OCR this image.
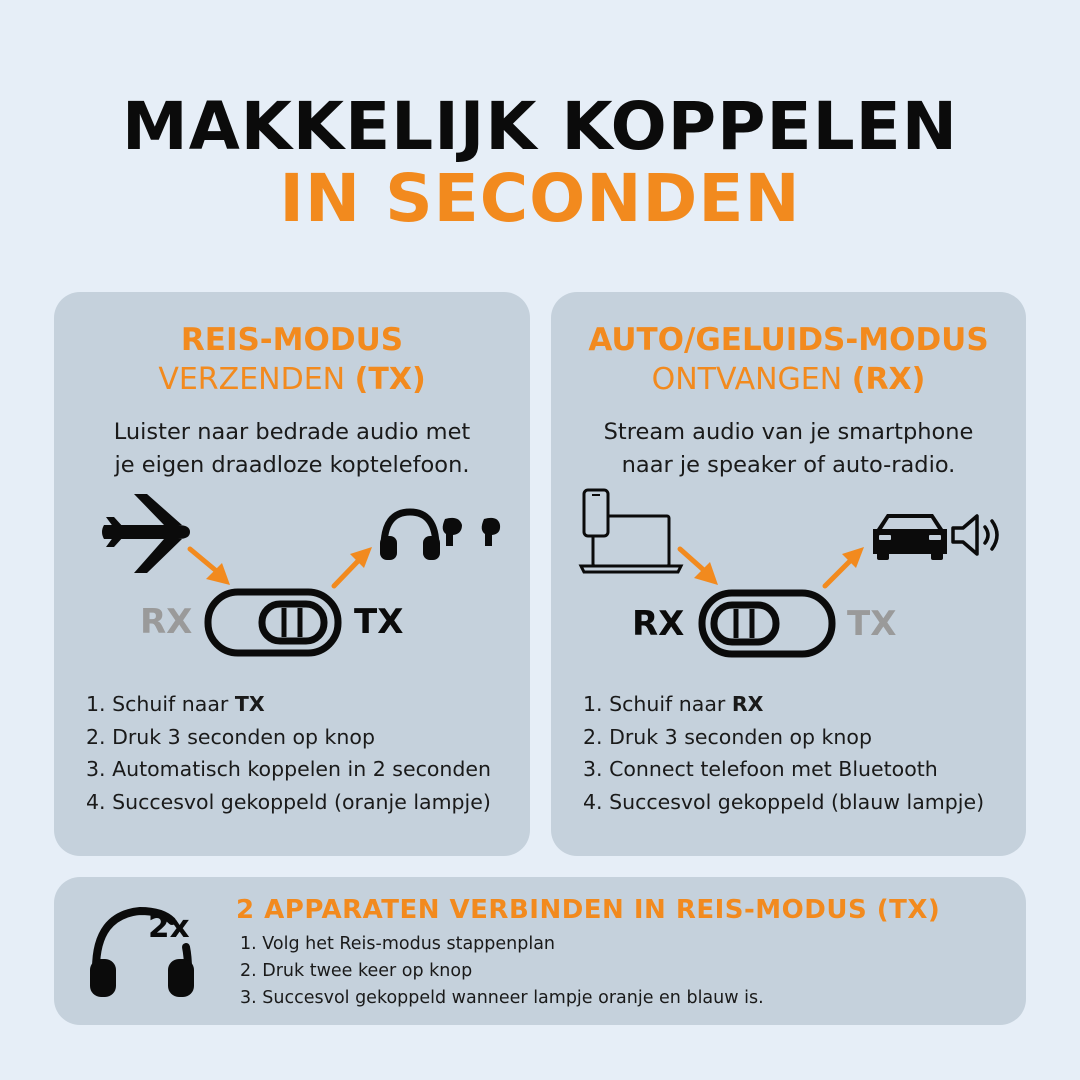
MAKKELIJK KOPPELEN
IN SECONDEN
REIS-MODUS

VERZENDEN (TX)

Luister naar bedrade audio met
je eigen draadloze koptelefoon.

RX	TX
1. Schuif naar TX
2. Druk 3 seconden op knop
3. Automatisch koppelen in 2 seconden
4. Succesvol gekoppeld (oranje lampje)
AUTO/GELUIDS-MODUS

ONTVANGEN (RX)

Stream audio van je smartphone
naar je speaker of auto-radio.

RX	TX
1. Schuif naar RX
2. Druk 3 seconden op knop
3. Connect telefoon met Bluetooth
4. Succesvol gekoppeld (blauw lampje)
2x 2 APPARATEN VERBINDEN IN REIS-MODUS (TX)
1. Volg het Reis-modus stappenplan
2. Druk twee keer op knop
3. Succesvol gekoppeld wanneer lampje oranje en blauw is.
